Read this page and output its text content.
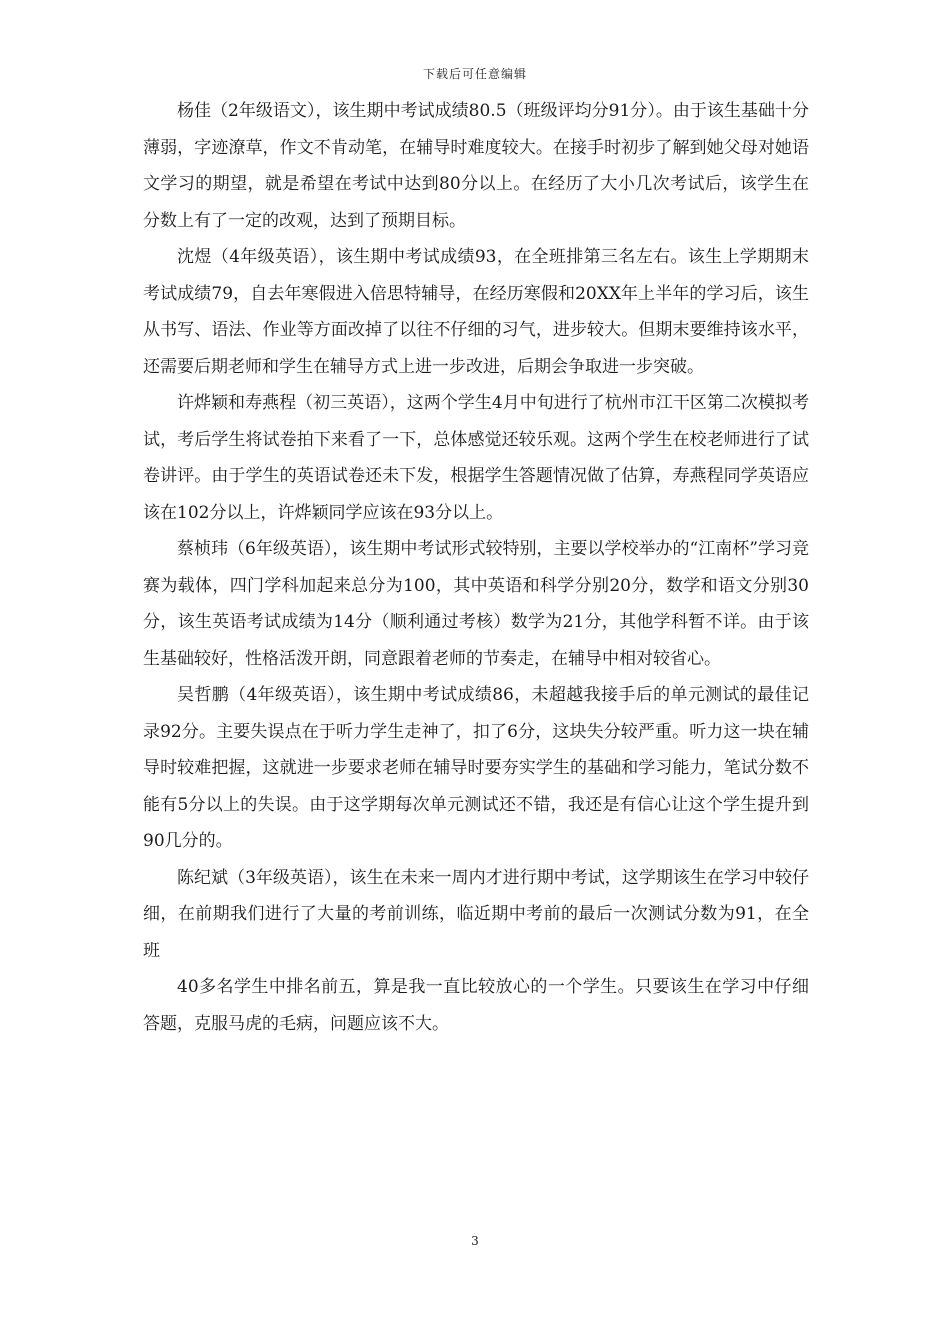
下载后可任意编辑

杨佳（2年级语文），该生期中考试成绩80.5（班级评均分91分）。由于该生基础十分薄弱，字迹潦草，作文不肯动笔，在辅导时难度较大。在接手时初步了解到她父母对她语文学习的期望，就是希望在考试中达到80分以上。在经历了大小几次考试后，该学生在分数上有了一定的改观，达到了预期目标。

沈煜（4年级英语），该生期中考试成绩93，在全班排第三名左右。该生上学期期末考试成绩79，自去年寒假进入倍思特辅导，在经历寒假和20XX年上半年的学习后，该生从书写、语法、作业等方面改掉了以往不仔细的习气，进步较大。但期末要维持该水平，还需要后期老师和学生在辅导方式上进一步改进，后期会争取进一步突破。

许烨颖和寿燕程（初三英语），这两个学生4月中旬进行了杭州市江干区第二次模拟考试，考后学生将试卷拍下来看了一下，总体感觉还较乐观。这两个学生在校老师进行了试卷讲评。由于学生的英语试卷还未下发，根据学生答题情况做了估算，寿燕程同学英语应该在102分以上，许烨颖同学应该在93分以上。

蔡桢玮（6年级英语），该生期中考试形式较特别，主要以学校举办的“江南杯”学习竞赛为载体，四门学科加起来总分为100，其中英语和科学分别20分，数学和语文分别30分，该生英语考试成绩为14分（顺利通过考核）数学为21分，其他学科暂不详。由于该生基础较好，性格活泼开朗，同意跟着老师的节奏走，在辅导中相对较省心。

吴哲鹏（4年级英语），该生期中考试成绩86，未超越我接手后的单元测试的最佳记录92分。主要失误点在于听力学生走神了，扣了6分，这块失分较严重。听力这一块在辅导时较难把握，这就进一步要求老师在辅导时要夯实学生的基础和学习能力，笔试分数不能有5分以上的失误。由于这学期每次单元测试还不错，我还是有信心让这个学生提升到90几分的。

陈纪斌（3年级英语），该生在未来一周内才进行期中考试，这学期该生在学习中较仔细，在前期我们进行了大量的考前训练，临近期中考前的最后一次测试分数为91，在全班

40多名学生中排名前五，算是我一直比较放心的一个学生。只要该生在学习中仔细答题，克服马虎的毛病，问题应该不大。

3
